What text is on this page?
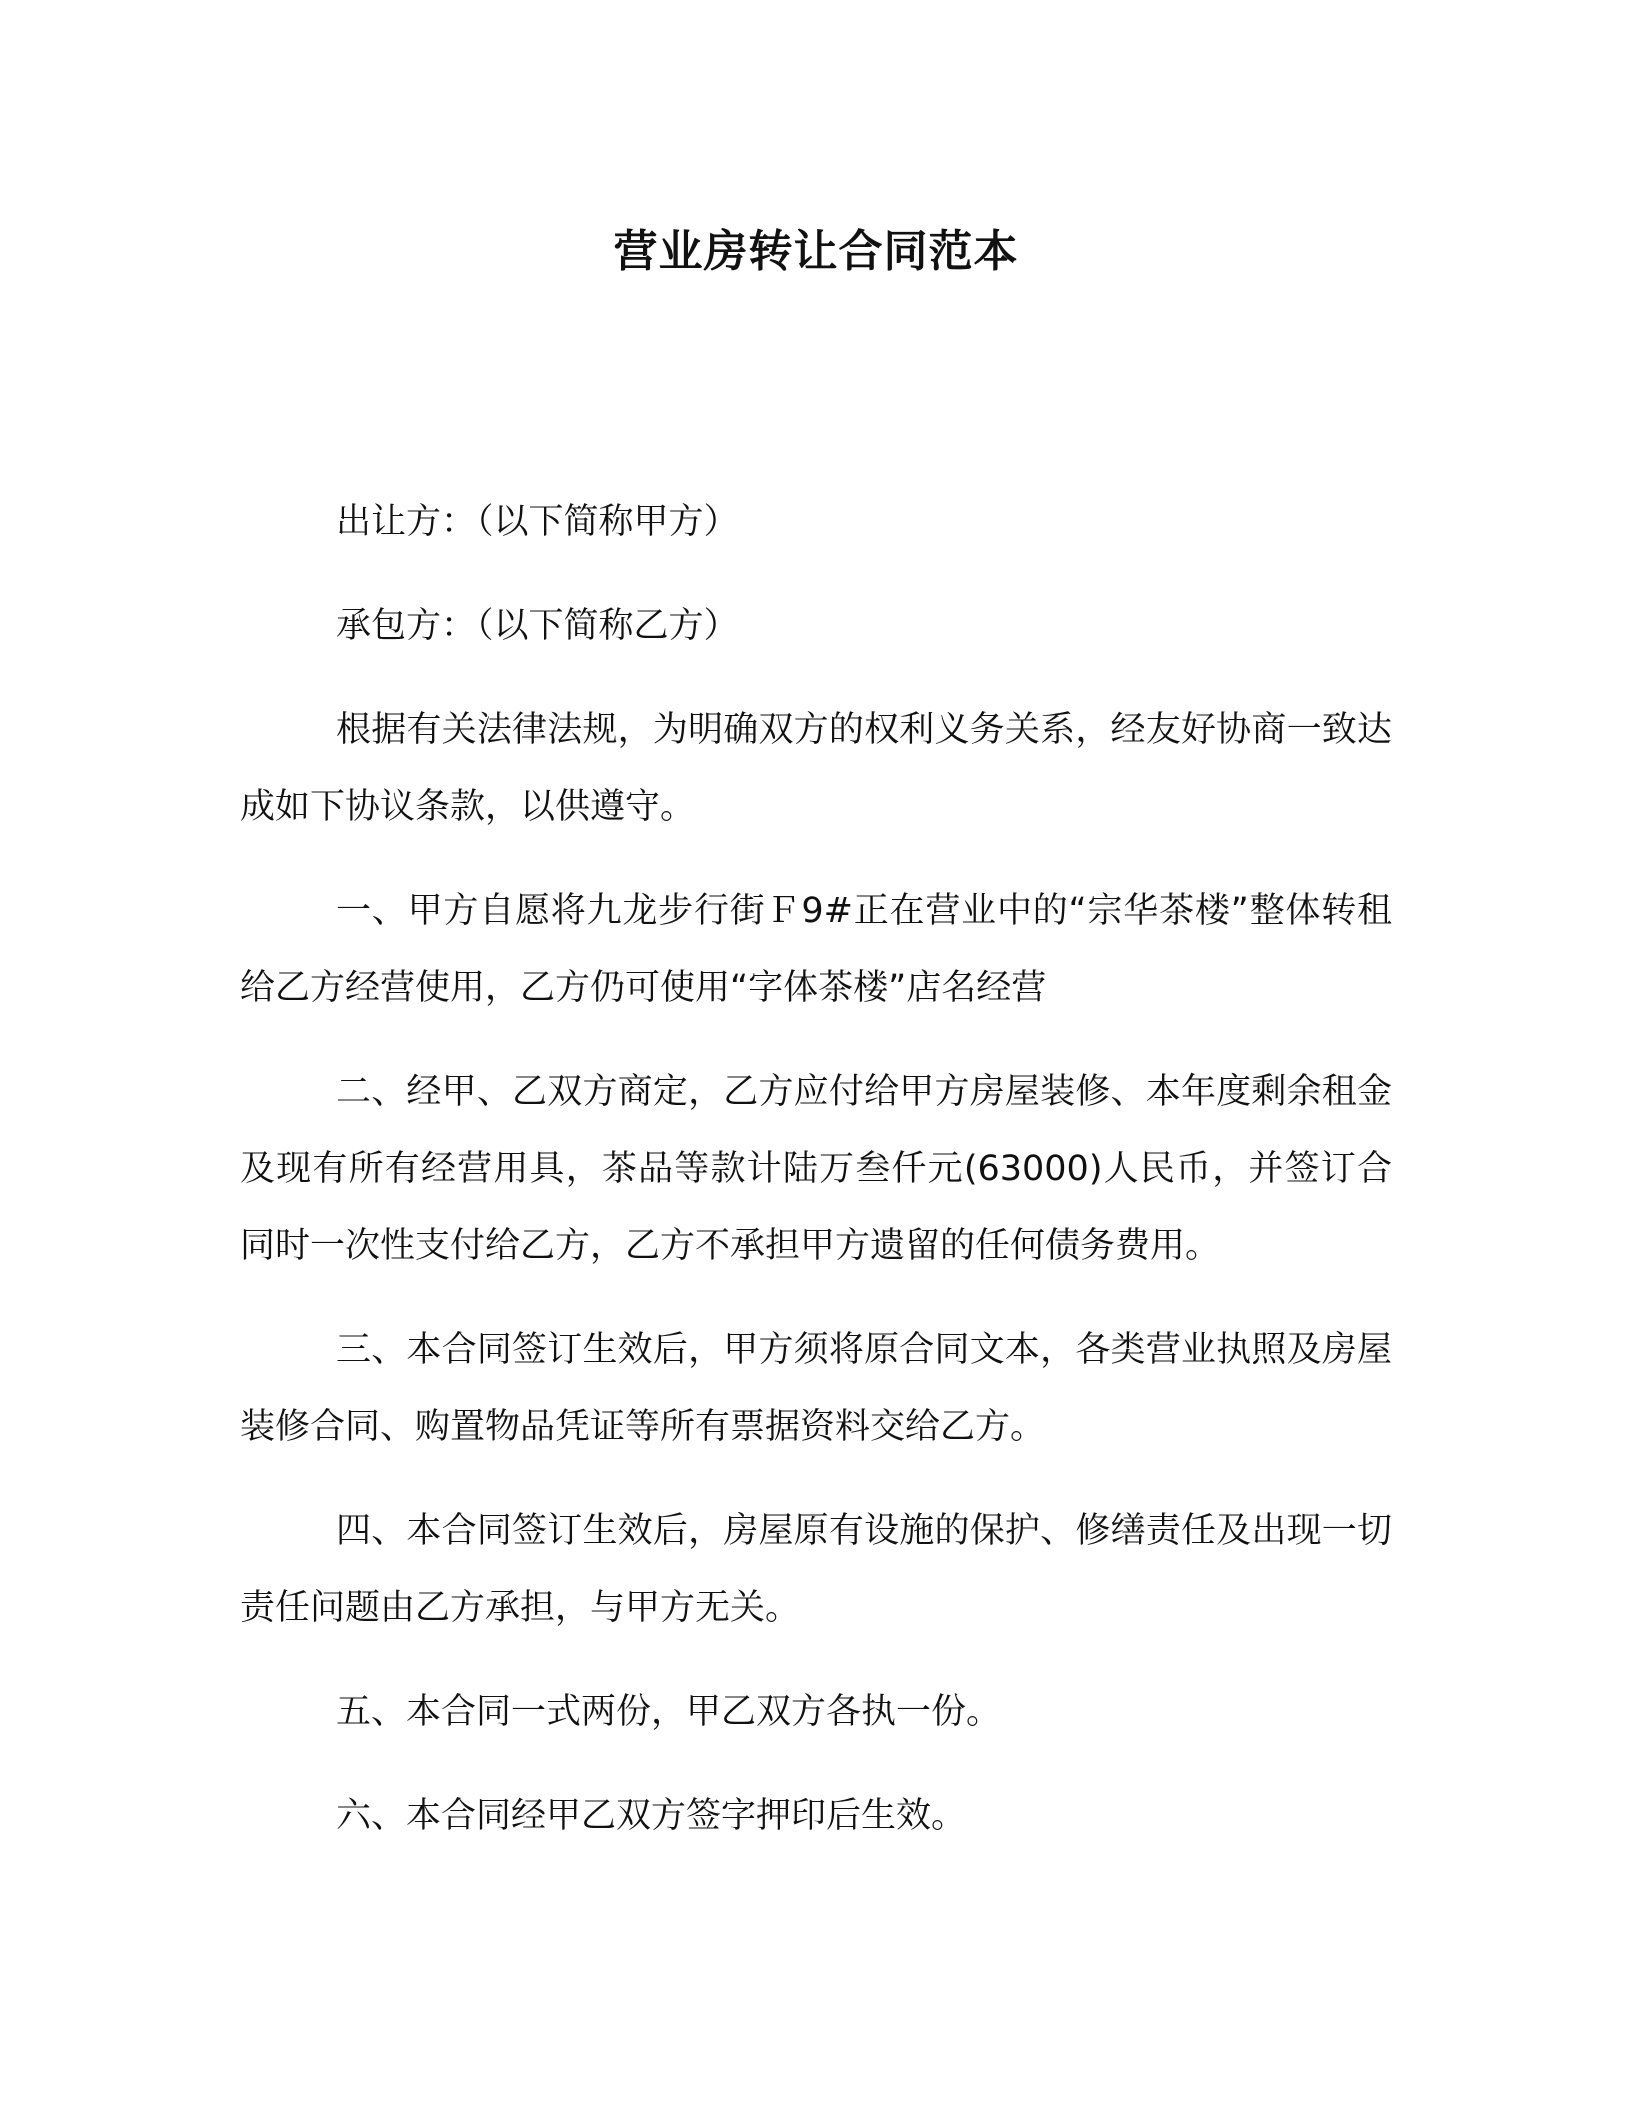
营业房转让合同范本

出让方：（以下简称甲方）

承包方：（以下简称乙方）

根据有关法律法规，为明确双方的权利义务关系，经友好协商一致达成如下协议条款，以供遵守。

一、甲方自愿将九龙步行街Ｆ9#正在营业中的“宗华茶楼”整体转租给乙方经营使用，乙方仍可使用“字体茶楼”店名经营

二、经甲、乙双方商定，乙方应付给甲方房屋装修、本年度剩余租金及现有所有经营用具，茶品等款计陆万叁仟元(63000)人民币，并签订合同时一次性支付给乙方，乙方不承担甲方遗留的任何债务费用。

三、本合同签订生效后，甲方须将原合同文本，各类营业执照及房屋装修合同、购置物品凭证等所有票据资料交给乙方。

四、本合同签订生效后，房屋原有设施的保护、修缮责任及出现一切责任问题由乙方承担，与甲方无关。

五、本合同一式两份，甲乙双方各执一份。

六、本合同经甲乙双方签字押印后生效。
